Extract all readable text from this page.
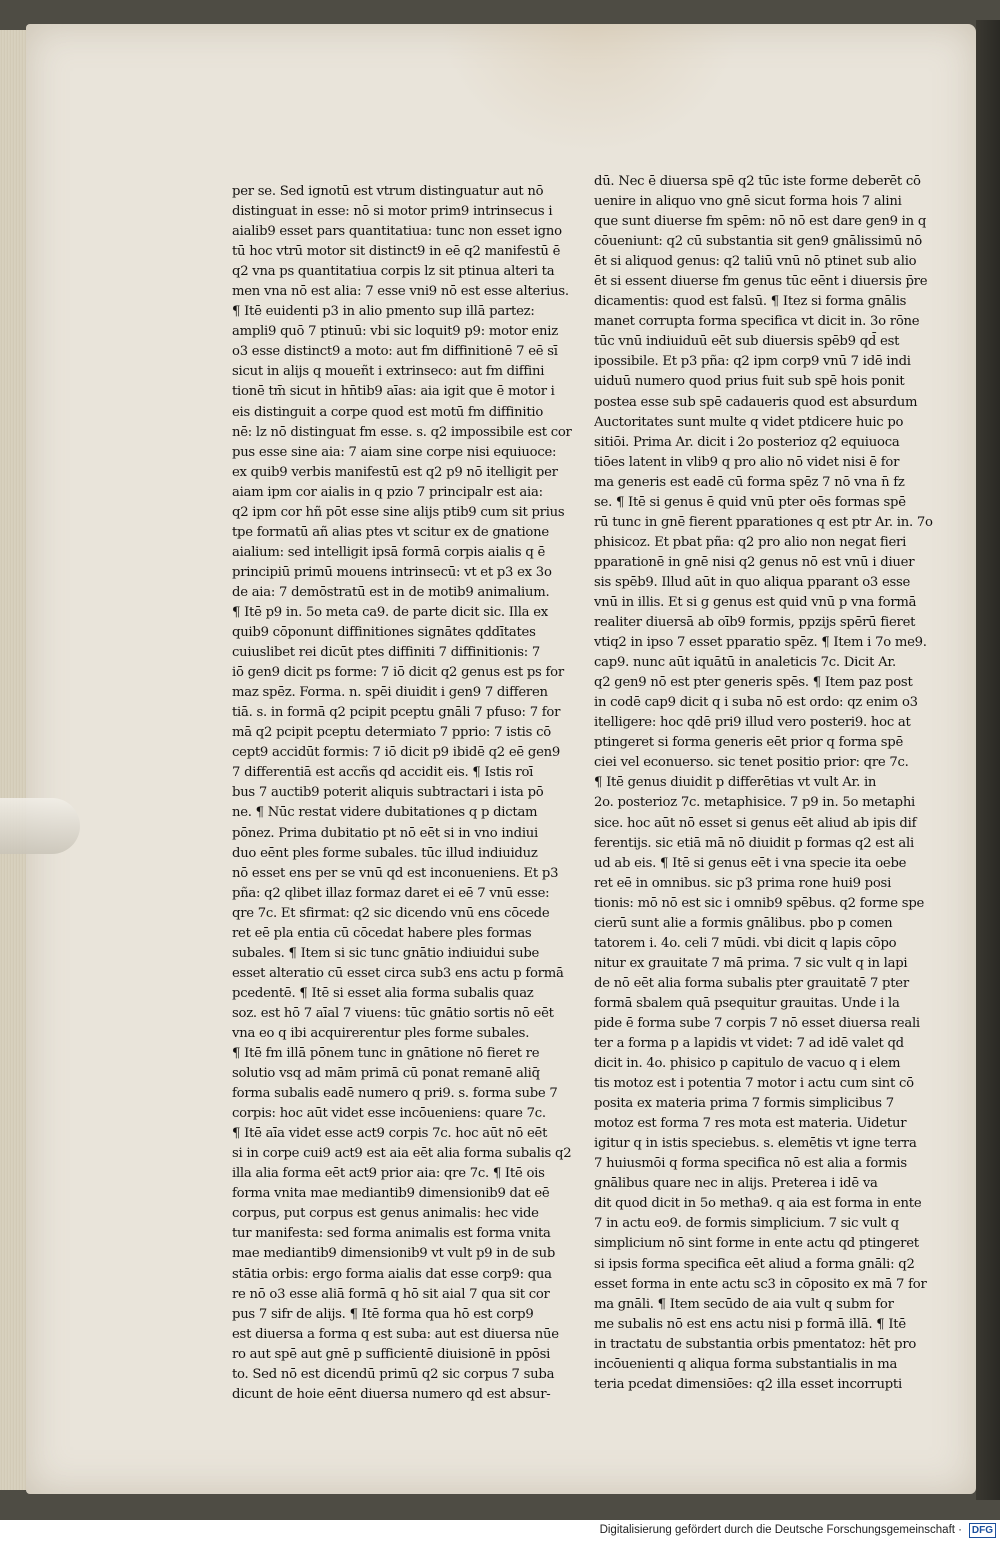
per se. Sed ignotū est vtrum distinguatur aut nō
distinguat in esse: nō si motor prim9 intrinsecus i
aialib9 esset pars quantitatiua: tunc non esset igno
tū hoc vtrū motor sit distinct9 in eē q2 manifestū ē
q2 vna ps quantitatiua corpis lz sit ptinua alteri ta
men vna nō est alia: 7 esse vni9 nō est esse alterius.
¶ Itē euidenti p3 in alio pmento sup illā partez:
ampli9 quō 7 ptinuū: vbi sic loquit9 p9: motor eniz
o3 esse distinct9 a moto: aut fm diffinitionē 7 eē sī
sicut in alijs q moueñt i extrinseco: aut fm diffini
tionē tm̄ sicut in hn̄tib9 aīas: aia igit que ē motor i
eis distinguit a corpe quod est motū fm diffinitio
nē: lz nō distinguat fm esse. s. q2 impossibile est cor
pus esse sine aia: 7 aiam sine corpe nisi equiuoce:
ex quib9 verbis manifestū est q2 p9 nō itelligit per
aiam ipm cor aialis in q pzio 7 principalr est aia:
q2 ipm cor hñ pōt esse sine alijs ptib9 cum sit prius
tpe formatū añ alias ptes vt scitur ex de gnatione
aialium: sed intelligit ipsā formā corpis aialis q ē
principiū primū mouens intrinsecū: vt et p3 ex 3o
de aia: 7 demōstratū est in de motib9 animalium.
¶ Itē p9 in. 5o meta ca9. de parte dicit sic. Illa ex
quib9 cōponunt diffinitiones signātes qddītates
cuiuslibet rei dicūt ptes diffiniti 7 diffinitionis: 7
iō gen9 dicit ps forme: 7 iō dicit q2 genus est ps for
maz spēz. Forma. n. spēi diuidit i gen9 7 differen
tiā. s. in formā q2 pcipit pceptu gnāli 7 pfuso: 7 for
mā q2 pcipit pceptu determiato 7 pprio: 7 istis cō
cept9 accidūt formis: 7 iō dicit p9 ibidē q2 eē gen9
7 differentiā est accñs qd accidit eis. ¶ Istis roī
bus 7 auctib9 poterit aliquis subtractari i ista pō
ne. ¶ Nūc restat videre dubitationes q p dictam
pōnez. Prima dubitatio pt nō eēt si in vno indiui
duo eēnt ples forme subales. tūc illud indiuiduz
nō esset ens per se vnū qd est inconueniens. Et p3
pña: q2 qlibet illaz formaz daret ei eē 7 vnū esse:
qre 7c. Et sfirmat: q2 sic dicendo vnū ens cōcede
ret eē pla entia cū cōcedat habere ples formas
subales. ¶ Item si sic tunc gnātio indiuidui sube
esset alteratio cū esset circa sub3 ens actu p formā
pcedentē. ¶ Itē si esset alia forma subalis quaz
soz. est hō 7 aīal 7 viuens: tūc gnātio sortis nō eēt
vna eo q ibi acquirerentur ples forme subales.
¶ Itē fm illā pōnem tunc in gnātione nō fieret re
solutio vsq ad mām primā cū ponat remanē aliq̄
forma subalis eadē numero q pri9. s. forma sube 7
corpis: hoc aūt videt esse incōueniens: quare 7c.
¶ Itē aīa videt esse act9 corpis 7c. hoc aūt nō eēt
si in corpe cui9 act9 est aia eēt alia forma subalis q2
illa alia forma eēt act9 prior aia: qre 7c. ¶ Itē ois
forma vnita mae mediantib9 dimensionib9 dat eē
corpus, put corpus est genus animalis: hec vide
tur manifesta: sed forma animalis est forma vnita
mae mediantib9 dimensionib9 vt vult p9 in de sub
stātia orbis: ergo forma aialis dat esse corp9: qua
re nō o3 esse aliā formā q hō sit aial 7 qua sit cor
pus 7 sifr de alijs. ¶ Itē forma qua hō est corp9
est diuersa a forma q est suba: aut est diuersa nūe
ro aut spē aut gnē p sufficientē diuisionē in ppōsi
to. Sed nō est dicendū primū q2 sic corpus 7 suba
dicunt de hoie eēnt diuersa numero qd est absur-
dū. Nec ē diuersa spē q2 tūc iste forme deberēt cō
uenire in aliquo vno gnē sicut forma hois 7 alini
que sunt diuerse fm spēm: nō nō est dare gen9 in q
cōueniunt: q2 cū substantia sit gen9 gnālissimū nō
ēt si aliquod genus: q2 taliū vnū nō ptinet sub alio
ēt si essent diuerse fm genus tūc eēnt i diuersis p̄re
dicamentis: quod est falsū. ¶ Itez si forma gnālis
manet corrupta forma specifica vt dicit in. 3o rōne
tūc vnū indiuiduū eēt sub diuersis spēb9 qd̄ est
ipossibile. Et p3 pña: q2 ipm corp9 vnū 7 idē indi
uiduū numero quod prius fuit sub spē hois ponit
postea esse sub spē cadaueris quod est absurdum
Auctoritates sunt multe q videt ptdicere huic po
sitiōi. Prima Ar. dicit i 2o posterioz q2 equiuoca
tiōes latent in vlib9 q pro alio nō videt nisi ē for
ma generis est eadē cū forma spēz 7 nō vna n̄ fz
se. ¶ Itē si genus ē quid vnū pter oēs formas spē
rū tunc in gnē fierent pparationes q est ptr Ar. in. 7o
phisicoz. Et pbat pña: q2 pro alio non negat fieri
pparationē in gnē nisi q2 genus nō est vnū i diuer
sis spēb9. Illud aūt in quo aliqua pparant o3 esse
vnū in illis. Et si g genus est quid vnū p vna formā
realiter diuersā ab oīb9 formis, ppzijs spērū fieret
vtiq2 in ipso 7 esset pparatio spēz. ¶ Item i 7o me9.
cap9. nunc aūt iquātū in analeticis 7c. Dicit Ar.
q2 gen9 nō est pter generis spēs. ¶ Item paz post
in codē cap9 dicit q i suba nō est ordo: qz enim o3
itelligere: hoc qdē pri9 illud vero posteri9. hoc at
ptingeret si forma generis eēt prior q forma spē
ciei vel econuerso. sic tenet positio prior: qre 7c.
¶ Itē genus diuidit p differētias vt vult Ar. in
2o. posterioz 7c. metaphisice. 7 p9 in. 5o metaphi
sice. hoc aūt nō esset si genus eēt aliud ab ipis dif
ferentijs. sic etiā mā nō diuidit p formas q2 est ali
ud ab eis. ¶ Itē si genus eēt i vna specie ita oebe
ret eē in omnibus. sic p3 prima rone hui9 posi
tionis: mō nō est sic i omnib9 spēbus. q2 forme spe
cierū sunt alie a formis gnālibus. pbo p comen
tatorem i. 4o. celi 7 mūdi. vbi dicit q lapis cōpo
nitur ex grauitate 7 mā prima. 7 sic vult q in lapi
de nō eēt alia forma subalis pter grauitatē 7 pter
formā sbalem quā psequitur grauitas. Unde i la
pide ē forma sube 7 corpis 7 nō esset diuersa reali
ter a forma p a lapidis vt videt: 7 ad idē valet qd
dicit in. 4o. phisico p capitulo de vacuo q i elem
tis motoz est i potentia 7 motor i actu cum sint cō
posita ex materia prima 7 formis simplicibus 7
motoz est forma 7 res mota est materia. Uidetur
igitur q in istis speciebus. s. elemētis vt igne terra
7 huiusmōi q forma specifica nō est alia a formis
gnālibus quare nec in alijs. Preterea i idē va
dit quod dicit in 5o metha9. q aia est forma in ente
7 in actu eo9. de formis simplicium. 7 sic vult q
simplicium nō sint forme in ente actu qd ptingeret
si ipsis forma specifica eēt aliud a forma gnāli: q2
esset forma in ente actu sc3 in cōposito ex mā 7 for
ma gnāli. ¶ Item secūdo de aia vult q subm for
me subalis nō est ens actu nisi p formā illā. ¶ Itē
in tractatu de substantia orbis pmentatoz: hēt pro
incōuenienti q aliqua forma substantialis in ma
teria pcedat dimensiōes: q2 illa esset incorrupti
Digitalisierung gefördert durch die Deutsche Forschungsgemeinschaft · DFG
